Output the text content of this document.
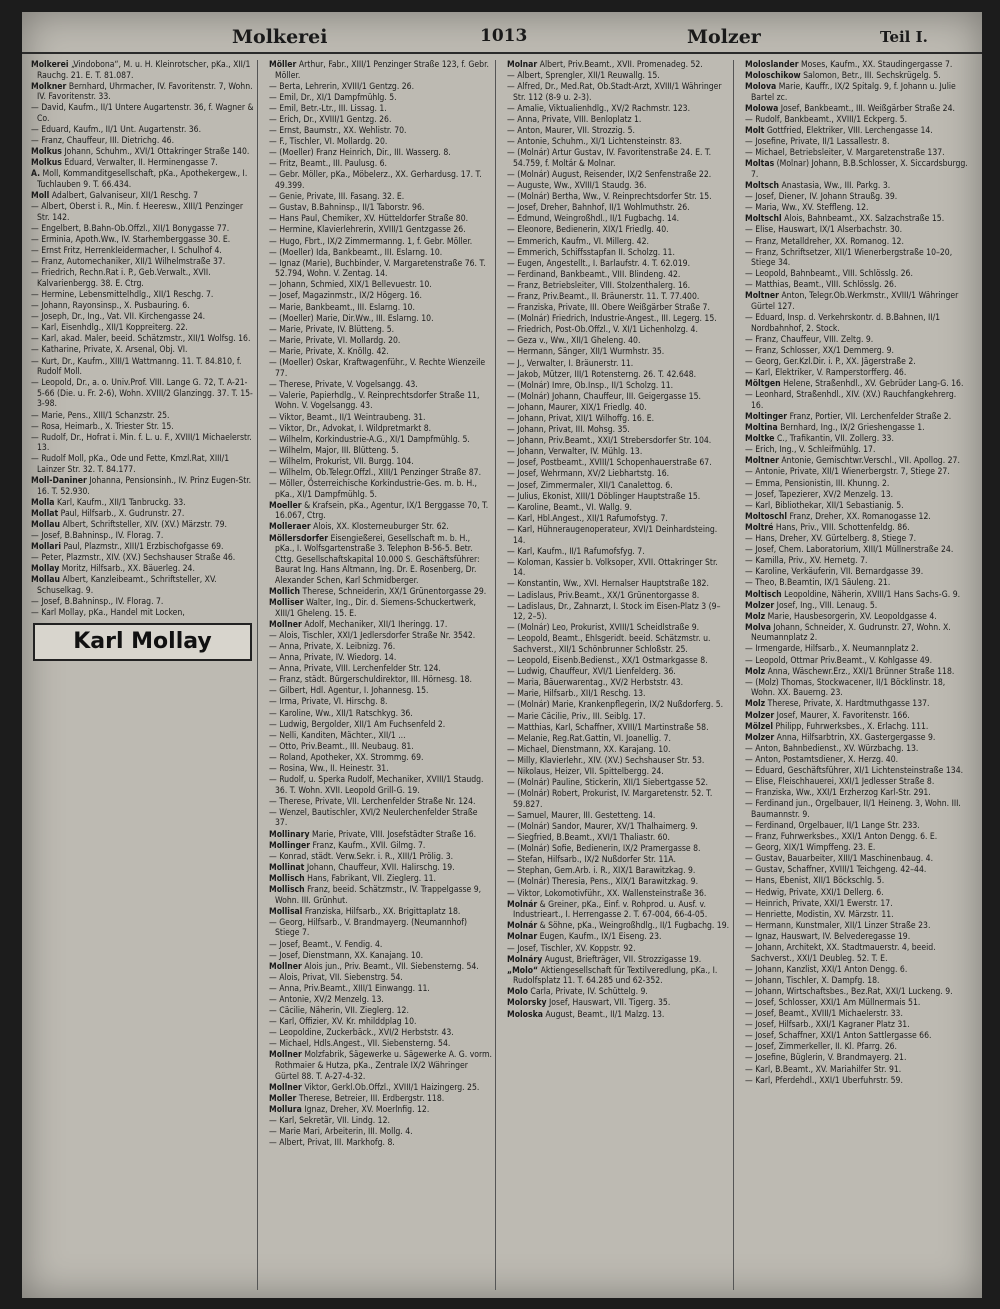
Molkerei	1013	Molzer	Teil I.
Molkerei „Vindobona“, M. u. H. Kleinrotscher, pKa., XII/1 Rauchg. 21. E. T. 81.087.
Molkner Bernhard, Uhrmacher, IV. Favoritenstr. 7, Wohn. IV. Favoritenstr. 33.
— David, Kaufm., II/1 Untere Augartenstr. 36, f. Wagner & Co.
— Eduard, Kaufm., II/1 Unt. Augartenstr. 36.
— Franz, Chauffeur, III. Dietrichg. 46.
Molkus Johann, Schuhm., XVI/1 Ottakringer Straße 140.
Molkus Eduard, Verwalter, II. Herminengasse 7.
A. Moll, Kommanditgesellschaft, pKa., Apothekergew., I. Tuchlauben 9. T. 66.434.
Moll Adalbert, Galvaniseur, XII/1 Reschg. 7
— Albert, Oberst i. R., Min. f. Heeresw., XIII/1 Penzinger Str. 142.
— Engelbert, B.Bahn-Ob.Offzl., XII/1 Bonygasse 77.
— Erminia, Apoth.Ww., IV. Starhemberggasse 30. E.
— Ernst Fritz, Herrenkleidermacher, I. Schulhof 4.
— Franz, Automechaniker, XII/1 Wilhelmstraße 37.
— Friedrich, Rechn.Rat i. P., Geb.Verwalt., XVII. Kalvarienbergg. 38. E. Ctrg.
— Hermine, Lebensmittelhdlg., XII/1 Reschg. 7.
— Johann, Rayonsinsp., X. Pusbauring. 6.
— Joseph, Dr., Ing., Vat. VII. Kirchengasse 24.
— Karl, Eisenhdlg., XII/1 Koppreiterg. 22.
— Karl, akad. Maler, beeid. Schätzmstr., XII/1 Wolfsg. 16.
— Katharine, Private, X. Arsenal, Obj. VI.
— Kurt, Dr., Kaufm., XIII/1 Wattmanng. 11. T. 84.810, f. Rudolf Moll.
— Leopold, Dr., a. o. Univ.Prof. VIII. Lange G. 72, T. A-21-5-66 (Die. u. Fr. 2-6), Wohn. XVIII/2 Glanzingg. 37. T. 15-3-98.
— Marie, Pens., XIII/1 Schanzstr. 25.
— Rosa, Heimarb., X. Triester Str. 15.
— Rudolf, Dr., Hofrat i. Min. f. L. u. F., XVIII/1 Michaelerstr. 13.
— Rudolf Moll, pKa., Ode und Fette, Kmzl.Rat, XIII/1 Lainzer Str. 32. T. 84.177.
Moll-Daniner Johanna, Pensionsinh., IV. Prinz Eugen-Str. 16. T. 52.930.
Molla Karl, Kaufm., XII/1 Tanbruckg. 33.
Mollat Paul, Hilfsarb., X. Gudrunstr. 27.
Mollau Albert, Schriftsteller, XIV. (XV.) Märzstr. 79.
— Josef, B.Bahninsp., IV. Florag. 7.
Mollari Paul, Plazmstr., XIII/1 Erzbischofgasse 69.
— Peter, Plazmstr., XIV. (XV.) Sechshauser Straße 46.
Mollay Moritz, Hilfsarb., XX. Bäuerleg. 24.
Mollau Albert, Kanzleibeamt., Schriftsteller, XV. Schuselkag. 9.
— Josef, B.Bahninsp., IV. Florag. 7.
— Karl Mollay, pKa., Handel mit Locken,
Karl Mollay
Möller Arthur, Fabr., XIII/1 Penzinger Straße 123, f. Gebr. Möller.
— Berta, Lehrerin, XVIII/1 Gentzg. 26.
— Emil, Dr., XI/1 Dampfmühlg. 5.
— Emil, Betr.-Ltr., III. Lissag. 1.
— Erich, Dr., XVIII/1 Gentzg. 26.
— Ernst, Baumstr., XX. Wehlistr. 70.
— F., Tischler, VI. Mollardg. 20.
— (Moeller) Franz Heinrich, Dir., III. Wasserg. 8.
— Fritz, Beamt., III. Paulusg. 6.
— Gebr. Möller, pKa., Möbelerz., XX. Gerhardusg. 17. T. 49.399.
— Genie, Private, III. Fasang. 32. E.
— Gustav, B.Bahninsp., II/1 Taborstr. 96.
— Hans Paul, Chemiker, XV. Hütteldorfer Straße 80.
— Hermine, Klavierlehrerin, XVIII/1 Gentzgasse 26.
— Hugo, Fbrt., IX/2 Zimmermanng. 1, f. Gebr. Möller.
— (Moeller) Ida, Bankbeamt., III. Eslarng. 10.
— Ignaz (Marie), Buchbinder, V. Margaretenstraße 76. T. 52.794, Wohn. V. Zentag. 14.
— Johann, Schmied, XIX/1 Bellevuestr. 10.
— Josef, Magazinmstr., IX/2 Högerg. 16.
— Marie, Bankbeamt., III. Eslarng. 10.
— (Moeller) Marie, Dir.Ww., III. Eslarng. 10.
— Marie, Private, IV. Blütteng. 5.
— Marie, Private, VI. Mollardg. 20.
— Marie, Private, X. Knöllg. 42.
— (Moeller) Oskar, Kraftwagenführ., V. Rechte Wienzeile 77.
— Therese, Private, V. Vogelsangg. 43.
— Valerie, Papierhdlg., V. Reinprechtsdorfer Straße 11, Wohn. V. Vogelsangg. 43.
— Viktor, Beamt., II/1 Weintraubeng. 31.
— Viktor, Dr., Advokat, I. Wildpretmarkt 8.
— Wilhelm, Korkindustrie-A.G., XI/1 Dampfmühlg. 5.
— Wilhelm, Major, III. Blütteng. 5.
— Wilhelm, Prokurist, VII. Burgg. 104.
— Wilhelm, Ob.Telegr.Offzl., XIII/1 Penzinger Straße 87.
— Möller, Österreichische Korkindustrie-Ges. m. b. H., pKa., XI/1 Dampfmühlg. 5.
Moeller & Krafsein, pKa., Agentur, IX/1 Berggasse 70, T. 16.067, Ctrg.
Molleraer Alois, XX. Klosterneuburger Str. 62.
Möllersdorfer Eisengießerei, Gesellschaft m. b. H., pKa., I. Wolfsgartenstraße 3. Telephon B-56-5. Betr. Cttg. Gesellschaftskapital 10.000 S. Geschäftsführer: Baurat Ing. Hans Altmann, Ing. Dr. E. Rosenberg, Dr. Alexander Schen, Karl Schmidberger.
Mollich Therese, Schneiderin, XX/1 Grünentorgasse 29.
Molliser Walter, Ing., Dir. d. Siemens-Schuckertwerk, XIII/1 Gheleng. 15. E.
Mollner Adolf, Mechaniker, XII/1 Iheringg. 17.
— Alois, Tischler, XXI/1 Jedlersdorfer Straße Nr. 3542.
— Anna, Private, X. Leibnizg. 76.
— Anna, Private, IV. Wiedorg. 14.
— Anna, Private, VIII. Lerchenfelder Str. 124.
— Franz, städt. Bürgerschuldirektor, III. Hörnesg. 18.
— Gilbert, Hdl. Agentur, I. Johannesg. 15.
— Irma, Private, VI. Hirschg. 8.
— Karoline, Ww., XII/1 Ratschkyg. 36.
— Ludwig, Bergolder, XII/1 Am Fuchsenfeld 2.
— Nelli, Kanditen, Mächter., XII/1 ...
— Otto, Priv.Beamt., III. Neubaug. 81.
— Roland, Apotheker, XX. Strommg. 69.
— Rosina, Ww., II. Heinestr. 31.
— Rudolf, u. Sperka Rudolf, Mechaniker, XVIII/1 Staudg. 36. T. Wohn. XVII. Leopold Grill-G. 19.
— Therese, Private, VII. Lerchenfelder Straße Nr. 124.
— Wenzel, Bautischler, XVI/2 Neulerchenfelder Straße 37.
Mollinary Marie, Private, VIII. Josefstädter Straße 16.
Mollinger Franz, Kaufm., XVII. Gilmg. 7.
— Konrad, städt. Verw.Sekr. i. R., XIII/1 Prölig. 3.
Mollinat Johann, Chauffeur, XVII. Halirschg. 19.
Mollisch Hans, Fabrikant, VII. Zieglerg. 11.
Mollisch Franz, beeid. Schätzmstr., IV. Trappelgasse 9, Wohn. III. Grünhut.
Mollisal Franziska, Hilfsarb., XX. Brigittaplatz 18.
— Georg, Hilfsarb., V. Brandmayerg. (Neumannhof) Stiege 7.
— Josef, Beamt., V. Fendig. 4.
— Josef, Dienstmann, XX. Kanajang. 10.
Mollner Alois jun., Priv. Beamt., VII. Siebensterng. 54.
— Alois, Privat, VII. Siebenstrg. 54.
— Anna, Priv.Beamt., XIII/1 Einwangg. 11.
— Antonie, XV/2 Menzelg. 13.
— Cäcilie, Näherin, VII. Zieglerg. 12.
— Karl, Offizier, XV. Kr. mhilddplag 10.
— Leopoldine, Zuckerbäck., XVI/2 Herbststr. 43.
— Michael, Hdls.Angest., VII. Siebensterng. 54.
Mollner Molzfabrik, Sägewerke u. Sägewerke A. G. vorm. Rothmaier & Hutza, pKa., Zentrale IX/2 Währinger Gürtel 88. T. A-27-4-32.
Mollner Viktor, Gerkl.Ob.Offzl., XVIII/1 Haizingerg. 25.
Moller Therese, Betreier, III. Erdbergstr. 118.
Mollura Ignaz, Dreher, XV. Moerlnfig. 12.
— Karl, Sekretär, VII. Lindg. 12.
— Marie Mari, Arbeiterin, III. Mollg. 4.
— Albert, Privat, III. Markhofg. 8.
Molnar Albert, Priv.Beamt., XVII. Promenadeg. 52.
— Albert, Sprengler, XII/1 Reuwallg. 15.
— Alfred, Dr., Med.Rat, Ob.Stadt-Arzt, XVIII/1 Währinger Str. 112 (8-9 u. 2-3).
— Amalie, Viktualienhdlg., XV/2 Rachmstr. 123.
— Anna, Private, VIII. Benloplatz 1.
— Anton, Maurer, VII. Strozzig. 5.
— Antonie, Schuhm., XI/1 Lichtensteinstr. 83.
— (Molnár) Artur Gustav, IV. Favoritenstraße 24. E. T. 54.759, f. Moltár & Molnar.
— (Molnár) August, Reisender, IX/2 Senfenstraße 22.
— Auguste, Ww., XVIII/1 Staudg. 36.
— (Molnár) Bertha, Ww., V. Reinprechtsdorfer Str. 15.
— Josef, Dreher, Bahnhof, II/1 Wohlmuthstr. 26.
— Edmund, Weingroßhdl., II/1 Fugbachg. 14.
— Eleonore, Bedienerin, XIX/1 Friedlg. 40.
— Emmerich, Kaufm., VI. Millerg. 42.
— Emmerich, Schiffsstapfan II. Scholzg. 11.
— Eugen, Angestellt., I. Barlaufstr. 4. T. 62.019.
— Ferdinand, Bankbeamt., VIII. Blindeng. 42.
— Franz, Betriebsleiter, VIII. Stolzenthalerg. 16.
— Franz, Priv.Beamt., II. Bräunerstr. 11. T. 77.400.
— Franziska, Private, III. Obere Weißgärber Straße 7.
— (Molnár) Friedrich, Industrie-Angest., III. Legerg. 15.
— Friedrich, Post-Ob.Offzl., V. XI/1 Lichenholzg. 4.
— Geza v., Ww., XII/1 Gheleng. 40.
— Hermann, Sänger, XII/1 Wurmhstr. 35.
— J., Verwalter, I. Bräunerstr. 11.
— Jakob, Mützer, III/1 Rotensterng. 26. T. 42.648.
— (Molnár) Imre, Ob.Insp., II/1 Scholzg. 11.
— (Molnár) Johann, Chauffeur, III. Geigergasse 15.
— Johann, Maurer, XIX/1 Friedlg. 40.
— Johann, Privat, XII/1 Wilhoffg. 16. E.
— Johann, Privat, III. Mohsg. 35.
— Johann, Priv.Beamt., XXI/1 Strebersdorfer Str. 104.
— Johann, Verwalter, IV. Mühlg. 13.
— Josef, Postbeamt., XVIII/1 Schopenhauerstraße 67.
— Josef, Wehrmann, XV/2 Liebhartstg. 16.
— Josef, Zimmermaler, XII/1 Canalettog. 6.
— Julius, Ekonist, XIII/1 Döblinger Hauptstraße 15.
— Karoline, Beamt., VI. Wallg. 9.
— Karl, Hbl.Angest., XII/1 Rafumofstyg. 7.
— Karl, Hühneraugenoperateur, XVI/1 Deinhardsteing. 14.
— Karl, Kaufm., II/1 Rafumofsfyg. 7.
— Koloman, Kassier b. Volksoper, XVII. Ottakringer Str. 14.
— Konstantin, Ww., XVI. Hernalser Hauptstraße 182.
— Ladislaus, Priv.Beamt., XX/1 Grünentorgasse 8.
— Ladislaus, Dr., Zahnarzt, I. Stock im Eisen-Platz 3 (9–12, 2–5).
— (Molnár) Leo, Prokurist, XVIII/1 Scheidlstraße 9.
— Leopold, Beamt., Ehlsgeridt. beeid. Schätzmstr. u. Sachverst., XII/1 Schönbrunner Schloßstr. 25.
— Leopold, Eisenb.Bedienst., XX/1 Ostmarkgasse 8.
— Ludwig, Chauffeur, XVI/1 Lienfelderg. 36.
— Maria, Bäuerwarentag., XV/2 Herbststr. 43.
— Marie, Hilfsarb., XII/1 Reschg. 13.
— (Molnár) Marie, Krankenpflegerin, IX/2 Nußdorferg. 5.
— Marie Cäcilie, Priv., III. Seiblg. 17.
— Matthias, Karl, Schaffner, XVIII/1 Martinstraße 58.
— Melanie, Reg.Rat.Gattin, VI. Joanellig. 7.
— Michael, Dienstmann, XX. Karajang. 10.
— Milly, Klavierlehr., XIV. (XV.) Sechshauser Str. 53.
— Nikolaus, Heizer, VII. Spittelbergg. 24.
— (Molnár) Pauline, Stickerin, XII/1 Siebertgasse 52.
— (Molnár) Robert, Prokurist, IV. Margaretenstr. 52. T. 59.827.
— Samuel, Maurer, III. Gestetteng. 14.
— (Molnár) Sandor, Maurer, XV/1 Thalhaimerg. 9.
— Siegfried, B.Beamt., XVI/1 Thaliastr. 60.
— (Molnár) Sofie, Bedienerin, IX/2 Pramergasse 8.
— Stefan, Hilfsarb., IX/2 Nußdorfer Str. 11A.
— Stephan, Gem.Arb. i. R., XIX/1 Barawitzkag. 9.
— (Molnár) Theresia, Pens., XIX/1 Barawitzkag. 9.
— Viktor, Lokomotivführ., XX. Wallensteinstraße 36.
Molnár & Greiner, pKa., Einf. v. Rohprod. u. Ausf. v. Industrieart., I. Herrengasse 2. T. 67-004, 66-4-05.
Molnár & Söhne, pKa., Weingroßhdlg., II/1 Fugbachg. 19.
Molnar Eugen, Kaufm., IX/1 Eiseng. 23.
— Josef, Tischler, XV. Koppstr. 92.
Molnáry August, Briefträger, VII. Strozzigasse 19.
„Molo“ Aktiengesellschaft für Textilveredlung, pKa., I. Rudolfsplatz 11. T. 64.285 und 62-352.
Molo Carla, Private, IV. Schüttelg. 9.
Molorsky Josef, Hauswart, VII. Tigerg. 35.
Moloska August, Beamt., II/1 Malzg. 13.
Moloslander Moses, Kaufm., XX. Staudingergasse 7.
Moloschikow Salomon, Betr., III. Sechskrügelg. 5.
Molova Marie, Kauffr., IX/2 Spitalg. 9, f. Johann u. Julie Bartel zc.
Molowa Josef, Bankbeamt., III. Weißgärber Straße 24.
— Rudolf, Bankbeamt., XVIII/1 Eckperg. 5.
Molt Gottfried, Elektriker, VIII. Lerchengasse 14.
— Josefine, Private, II/1 Lassallestr. 8.
— Michael, Betriebsleiter, V. Margaretenstraße 137.
Moltas (Molnar) Johann, B.B.Schlosser, X. Siccardsburgg. 7.
Moltsch Anastasia, Ww., III. Parkg. 3.
— Josef, Diener, IV. Johann Straußg. 39.
— Maria, Ww., XV. Steffleng. 12.
Moltschl Alois, Bahnbeamt., XX. Salzachstraße 15.
— Elise, Hauswart, IX/1 Alserbachstr. 30.
— Franz, Metalldreher, XX. Romanog. 12.
— Franz, Schriftsetzer, XII/1 Wienerbergstraße 10–20, Stiege 34.
— Leopold, Bahnbeamt., VIII. Schlösslg. 26.
— Matthias, Beamt., VIII. Schlösslg. 26.
Moltner Anton, Telegr.Ob.Werkmstr., XVIII/1 Währinger Gürtel 127.
— Eduard, Insp. d. Verkehrskontr. d. B.Bahnen, II/1 Nordbahnhof, 2. Stock.
— Franz, Chauffeur, VIII. Zeltg. 9.
— Franz, Schlosser, XX/1 Demmerg. 9.
— Georg, Ger.Kzl.Dir. i. P., XX. Jägerstraße 2.
— Karl, Elektriker, V. Ramperstorfferg. 46.
Möltgen Helene, Straßenhdl., XV. Gebrüder Lang-G. 16.
— Leonhard, Straßenhdl., XIV. (XV.) Rauchfangkehrerg. 16.
Moltinger Franz, Portier, VII. Lerchenfelder Straße 2.
Moltina Bernhard, Ing., IX/2 Grieshengasse 1.
Moltke C., Trafikantin, VII. Zollerg. 33.
— Erich, Ing., V. Schleifmühlg. 17.
Moltner Antonie, Gemischtwr.Verschl., VII. Apollog. 27.
— Antonie, Private, XII/1 Wienerbergstr. 7, Stiege 27.
— Emma, Pensionistin, III. Khunng. 2.
— Josef, Tapezierer, XV/2 Menzelg. 13.
— Karl, Bibliothekar, XII/1 Sebastianig. 5.
Moltoschl Franz, Dreher, XX. Romanogasse 12.
Moltré Hans, Priv., VIII. Schottenfeldg. 86.
— Hans, Dreher, XV. Gürtelberg. 8, Stiege 7.
— Josef, Chem. Laboratorium, XIII/1 Müllnerstraße 24.
— Kamilla, Priv., XV. Hernetg. 7.
— Karoline, Verkäuferin, VII. Bernardgasse 39.
— Theo, B.Beamtin, IX/1 Säuleng. 21.
Moltisch Leopoldine, Näherin, XVIII/1 Hans Sachs-G. 9.
Molzer Josef, Ing., VIII. Lenaug. 5.
Molz Marie, Hausbesorgerin, XV. Leopoldgasse 4.
Molva Johann, Schneider, X. Gudrunstr. 27, Wohn. X. Neumannplatz 2.
— Irmengarde, Hilfsarb., X. Neumannplatz 2.
— Leopold, Ottmar Priv.Beamt., V. Kohlgasse 49.
Molz Anna, Wäschewr.Erz., XXI/1 Brünner Straße 118.
— (Molz) Thomas, Stockwacener, II/1 Böcklinstr. 18, Wohn. XX. Bauerng. 23.
Molz Therese, Private, X. Hardtmuthgasse 137.
Molzer Josef, Maurer, X. Favoritenstr. 166.
Mölzel Philipp, Fuhrwerksbes., X. Erlachg. 111.
Molzer Anna, Hilfsarbtrin, XX. Gastergergasse 9.
— Anton, Bahnbedienst., XV. Würzbachg. 13.
— Anton, Postamtsdiener, X. Herzg. 40.
— Eduard, Geschäftsführer, XI/1 Lichtensteinstraße 134.
— Elise, Fleischhauerei, XXI/1 Jedlesser Straße 8.
— Franziska, Ww., XXI/1 Erzherzog Karl-Str. 291.
— Ferdinand jun., Orgelbauer, II/1 Heineng. 3, Wohn. III. Baumannstr. 9.
— Ferdinand, Orgelbauer, II/1 Lange Str. 233.
— Franz, Fuhrwerksbes., XXI/1 Anton Dengg. 6. E.
— Georg, XIX/1 Wimpffeng. 23. E.
— Gustav, Bauarbeiter, XIII/1 Maschinenbaug. 4.
— Gustav, Schaffner, XVIII/1 Teichgeng. 42–44.
— Hans, Ebenist, XII/1 Böckschlg. 5.
— Hedwig, Private, XXI/1 Dellerg. 6.
— Heinrich, Private, XXI/1 Ewerstr. 17.
— Henriette, Modistin, XV. Märzstr. 11.
— Hermann, Kunstmaler, XII/1 Linzer Straße 23.
— Ignaz, Hauswart, IV. Belvederegasse 19.
— Johann, Architekt, XX. Stadtmauerstr. 4, beeid. Sachverst., XXI/1 Deubleg. 52. T. E.
— Johann, Kanzlist, XXI/1 Anton Dengg. 6.
— Johann, Tischler, X. Dampfg. 18.
— Johann, Wirtschaftsbes., Bez.Rat, XXI/1 Luckeng. 9.
— Josef, Schlosser, XXI/1 Am Müllnermais 51.
— Josef, Beamt., XVIII/1 Michaelerstr. 33.
— Josef, Hilfsarb., XXI/1 Kagraner Platz 31.
— Josef, Schaffner, XXI/1 Anton Sattlergasse 66.
— Josef, Zimmerkeller, II. Kl. Pfarrg. 26.
— Josefine, Büglerin, V. Brandmayerg. 21.
— Karl, B.Beamt., XV. Mariahilfer Str. 91.
— Karl, Pferdehdl., XXI/1 Uberfuhrstr. 59.
